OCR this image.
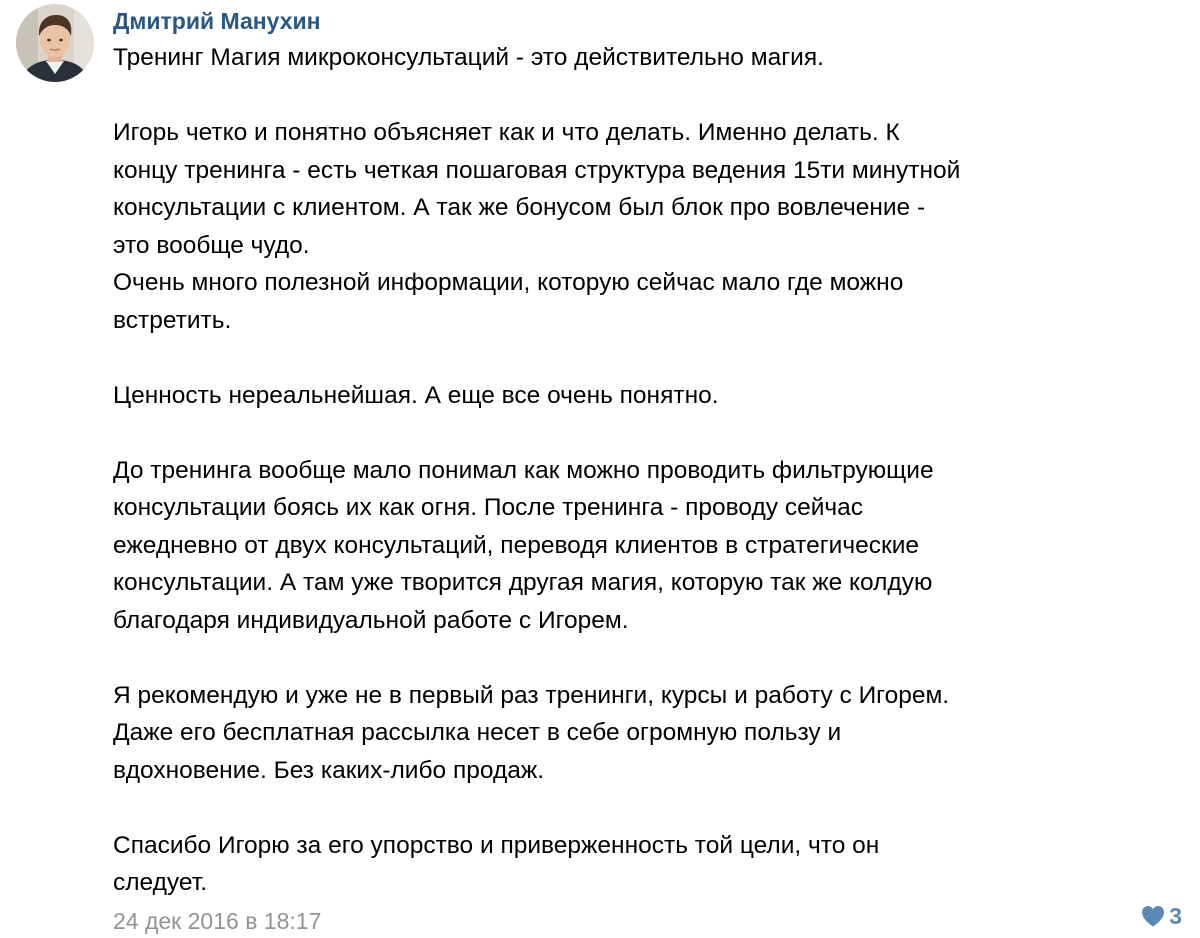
Дмитрий Манухин
Тренинг Магия микроконсультаций - это действительно магия.
Игорь четко и понятно объясняет как и что делать. Именно делать. К
концу тренинга - есть четкая пошаговая структура ведения 15ти минутной
консультации с клиентом. А так же бонусом был блок про вовлечение -
это вообще чудо.
Очень много полезной информации, которую сейчас мало где можно
встретить.
Ценность нереальнейшая. А еще все очень понятно.
До тренинга вообще мало понимал как можно проводить фильтрующие
консультации боясь их как огня. После тренинга - проводу сейчас
ежедневно от двух консультаций, переводя клиентов в стратегические
консультации. А там уже творится другая магия, которую так же колдую
благодаря индивидуальной работе с Игорем.
Я рекомендую и уже не в первый раз тренинги, курсы и работу с Игорем.
Даже его бесплатная рассылка несет в себе огромную пользу и
вдохновение. Без каких-либо продаж.
Спасибо Игорю за его упорство и приверженность той цели, что он
следует.
24 дек 2016 в 18:17	3
